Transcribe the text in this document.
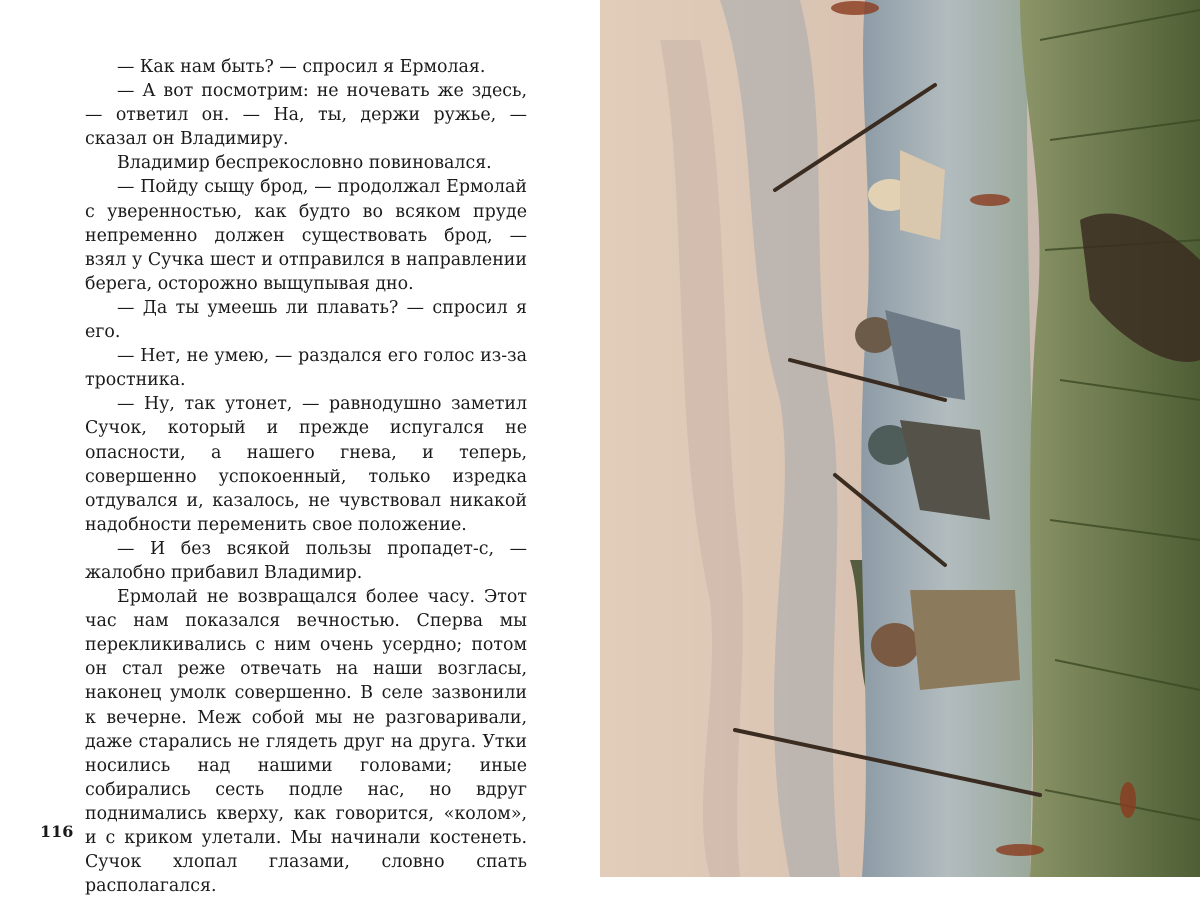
— Как нам быть? — спросил я Ермолая.

— А вот посмотрим: не ночевать же здесь, — ответил он. — На, ты, держи ружье, — сказал он Владимиру.

Владимир беспрекословно повиновался.

— Пойду сыщу брод, — продолжал Ермолай с уверенностью, как будто во всяком пруде непременно должен существовать брод, — взял у Сучка шест и отправился в направлении берега, осторожно выщупывая дно.

— Да ты умеешь ли плавать? — спросил я его.

— Нет, не умею, — раздался его голос из-за тростника.

— Ну, так утонет, — равнодушно заметил Сучок, который и прежде испугался не опасности, а нашего гнева, и теперь, совершенно успокоенный, только изредка отдувался и, казалось, не чувствовал никакой надобности переменить свое положение.

— И без всякой пользы пропадет-с, — жалобно прибавил Владимир.

Ермолай не возвращался более часу. Этот час нам показался вечностью. Сперва мы перекликивались с ним очень усердно; потом он стал реже отвечать на наши возгласы, наконец умолк совершенно. В селе зазвонили к вечерне. Меж собой мы не разговаривали, даже старались не глядеть друг на друга. Утки носились над нашими головами; иные собирались сесть подле нас, но вдруг поднимались кверху, как говорится, «колом», и с криком улетали. Мы начинали костенеть. Сучок хлопал глазами, словно спать располагался.

116
